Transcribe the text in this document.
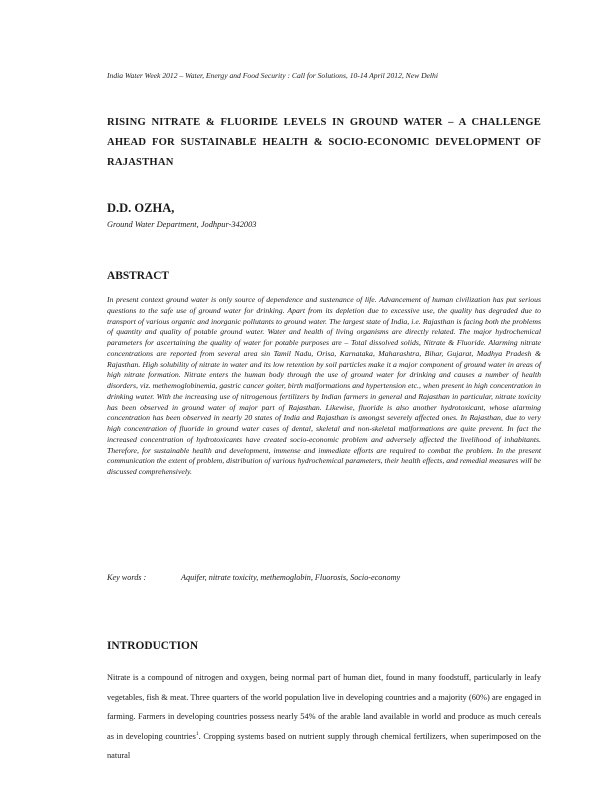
India Water Week 2012 – Water, Energy and Food Security : Call for Solutions, 10-14 April 2012, New Delhi
RISING NITRATE & FLUORIDE LEVELS IN GROUND WATER – A CHALLENGE AHEAD FOR SUSTAINABLE HEALTH & SOCIO-ECONOMIC DEVELOPMENT OF RAJASTHAN
D.D. OZHA,
Ground Water Department, Jodhpur-342003
ABSTRACT
In present context ground water is only source of dependence and sustenance of life. Advancement of human civilization has put serious questions to the safe use of ground water for drinking. Apart from its depletion due to excessive use, the quality has degraded due to transport of various organic and inorganic pollutants to ground water. The largest state of India, i.e. Rajasthan is facing both the problems of quantity and quality of potable ground water. Water and health of living organisms are directly related. The major hydrochemical parameters for ascertaining the quality of water for potable purposes are – Total dissolved solids, Nitrate & Fluoride. Alarming nitrate concentrations are reported from several area sin Tamil Nadu, Orisa, Karnataka, Maharashtra, Bihar, Gujarat, Madhya Pradesh & Rajasthan. High solubility of nitrate in water and its low retention by soil particles make it a major component of ground water in areas of high nitrate formation. Nitrate enters the human body through the use of ground water for drinking and causes a number of health disorders, viz. methemoglobinemia, gastric cancer goiter, birth malformations and hypertension etc., when present in high concentration in drinking water. With the increasing use of nitrogenous fertilizers by Indian farmers in general and Rajasthan in particular, nitrate toxicity has been observed in ground water of major part of Rajasthan. Likewise, fluoride is also another hydrotoxicant, whose alarming concentration has been observed in nearly 20 states of India and Rajasthan is amongst severely affected ones. In Rajasthan, due to very high concentration of fluoride in ground water cases of dental, skeletal and non-skeletal malformations are quite prevent. In fact the increased concentration of hydrotoxicants have created socio-economic problem and adversely affected the livelihood of inhabitants. Therefore, for sustainable health and development, immense and immediate efforts are required to combat the problem. In the present communication the extent of problem, distribution of various hydrochemical parameters, their health effects, and remedial measures will be discussed comprehensively.
Key words :	Aquifer, nitrate toxicity, methemoglobin, Fluorosis, Socio-economy
INTRODUCTION
Nitrate is a compound of nitrogen and oxygen, being normal part of human diet, found in many foodstuff, particularly in leafy vegetables, fish & meat. Three quarters of the world population live in developing countries and a majority (60%) are engaged in farming. Farmers in developing countries possess nearly 54% of the arable land available in world and produce as much cereals as in developing countries$^1$. Cropping systems based on nutrient supply through chemical fertilizers, when superimposed on the natural
